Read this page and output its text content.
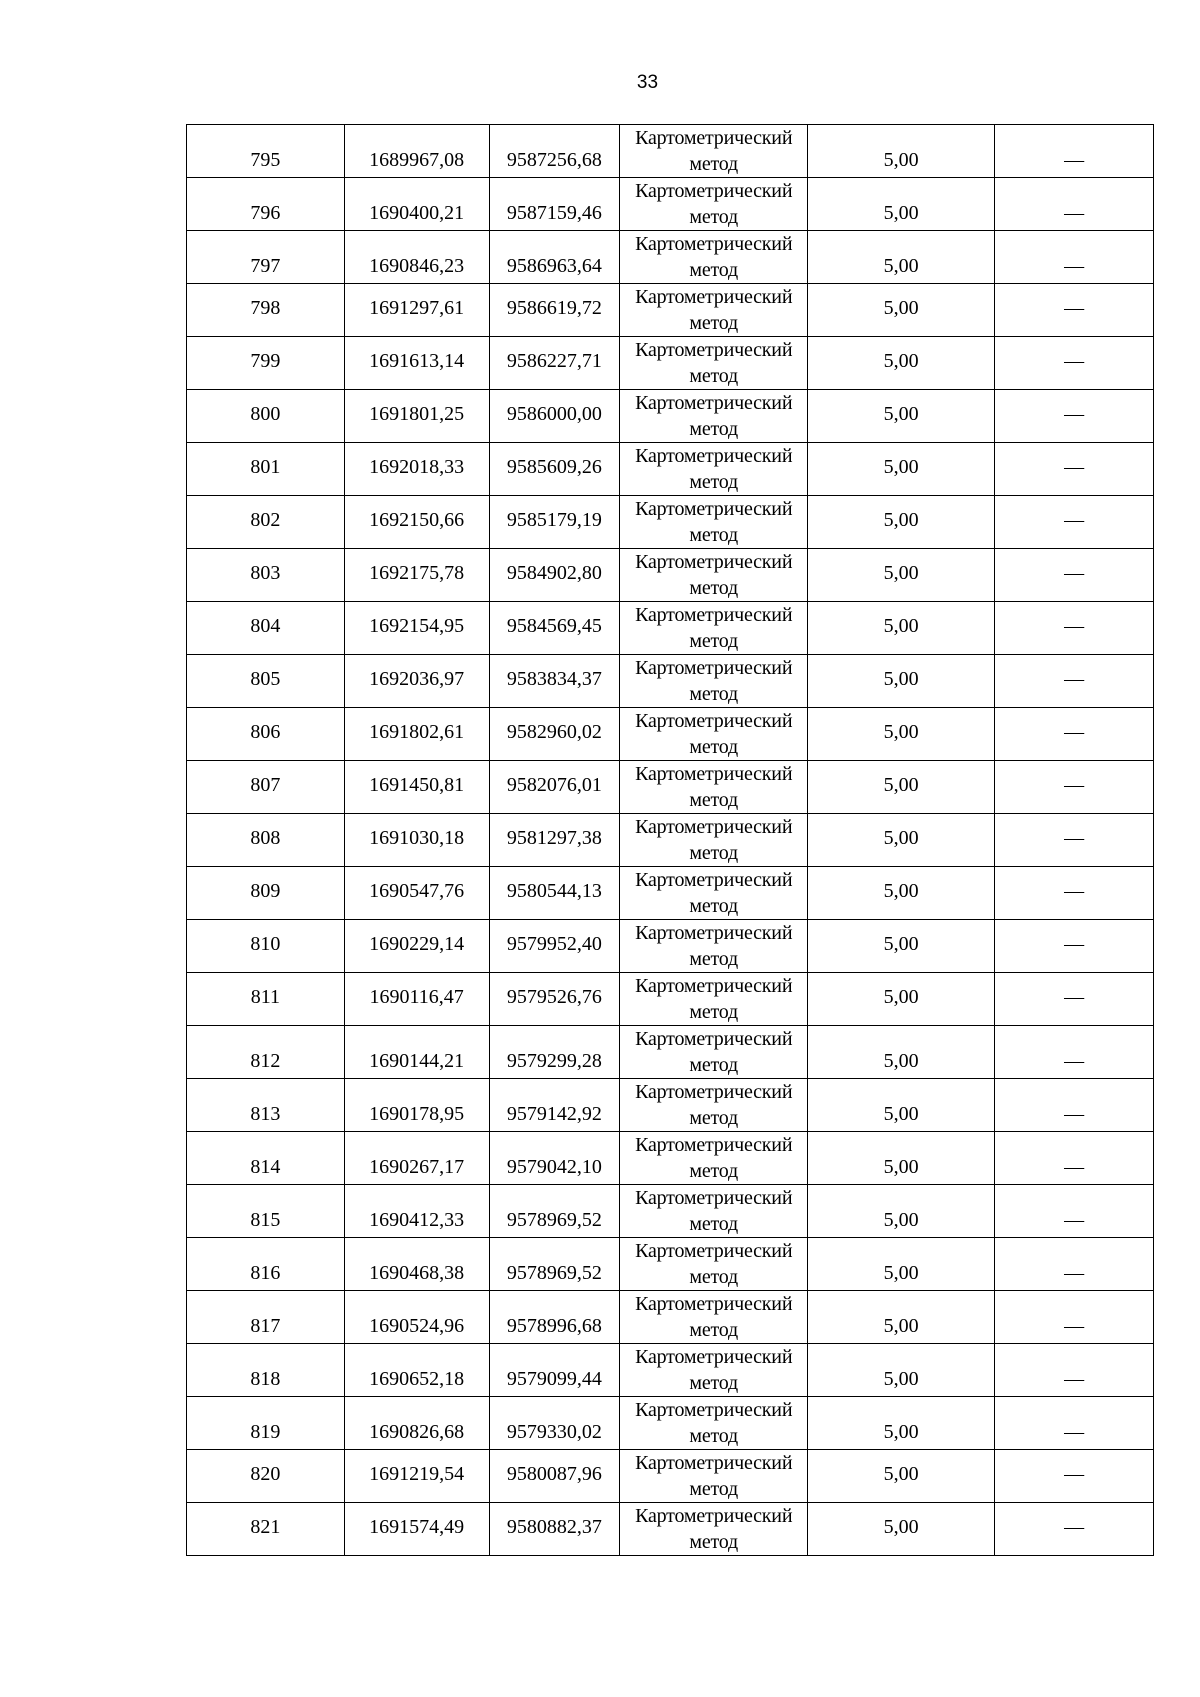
33
795	1689967,08	9587256,68	Картометрический метод	5,00	—
796	1690400,21	9587159,46	Картометрический метод	5,00	—
797	1690846,23	9586963,64	Картометрический метод	5,00	—
798	1691297,61	9586619,72	Картометрический метод	5,00	—
799	1691613,14	9586227,71	Картометрический метод	5,00	—
800	1691801,25	9586000,00	Картометрический метод	5,00	—
801	1692018,33	9585609,26	Картометрический метод	5,00	—
802	1692150,66	9585179,19	Картометрический метод	5,00	—
803	1692175,78	9584902,80	Картометрический метод	5,00	—
804	1692154,95	9584569,45	Картометрический метод	5,00	—
805	1692036,97	9583834,37	Картометрический метод	5,00	—
806	1691802,61	9582960,02	Картометрический метод	5,00	—
807	1691450,81	9582076,01	Картометрический метод	5,00	—
808	1691030,18	9581297,38	Картометрический метод	5,00	—
809	1690547,76	9580544,13	Картометрический метод	5,00	—
810	1690229,14	9579952,40	Картометрический метод	5,00	—
811	1690116,47	9579526,76	Картометрический метод	5,00	—
812	1690144,21	9579299,28	Картометрический метод	5,00	—
813	1690178,95	9579142,92	Картометрический метод	5,00	—
814	1690267,17	9579042,10	Картометрический метод	5,00	—
815	1690412,33	9578969,52	Картометрический метод	5,00	—
816	1690468,38	9578969,52	Картометрический метод	5,00	—
817	1690524,96	9578996,68	Картометрический метод	5,00	—
818	1690652,18	9579099,44	Картометрический метод	5,00	—
819	1690826,68	9579330,02	Картометрический метод	5,00	—
820	1691219,54	9580087,96	Картометрический метод	5,00	—
821	1691574,49	9580882,37	Картометрический метод	5,00	—
